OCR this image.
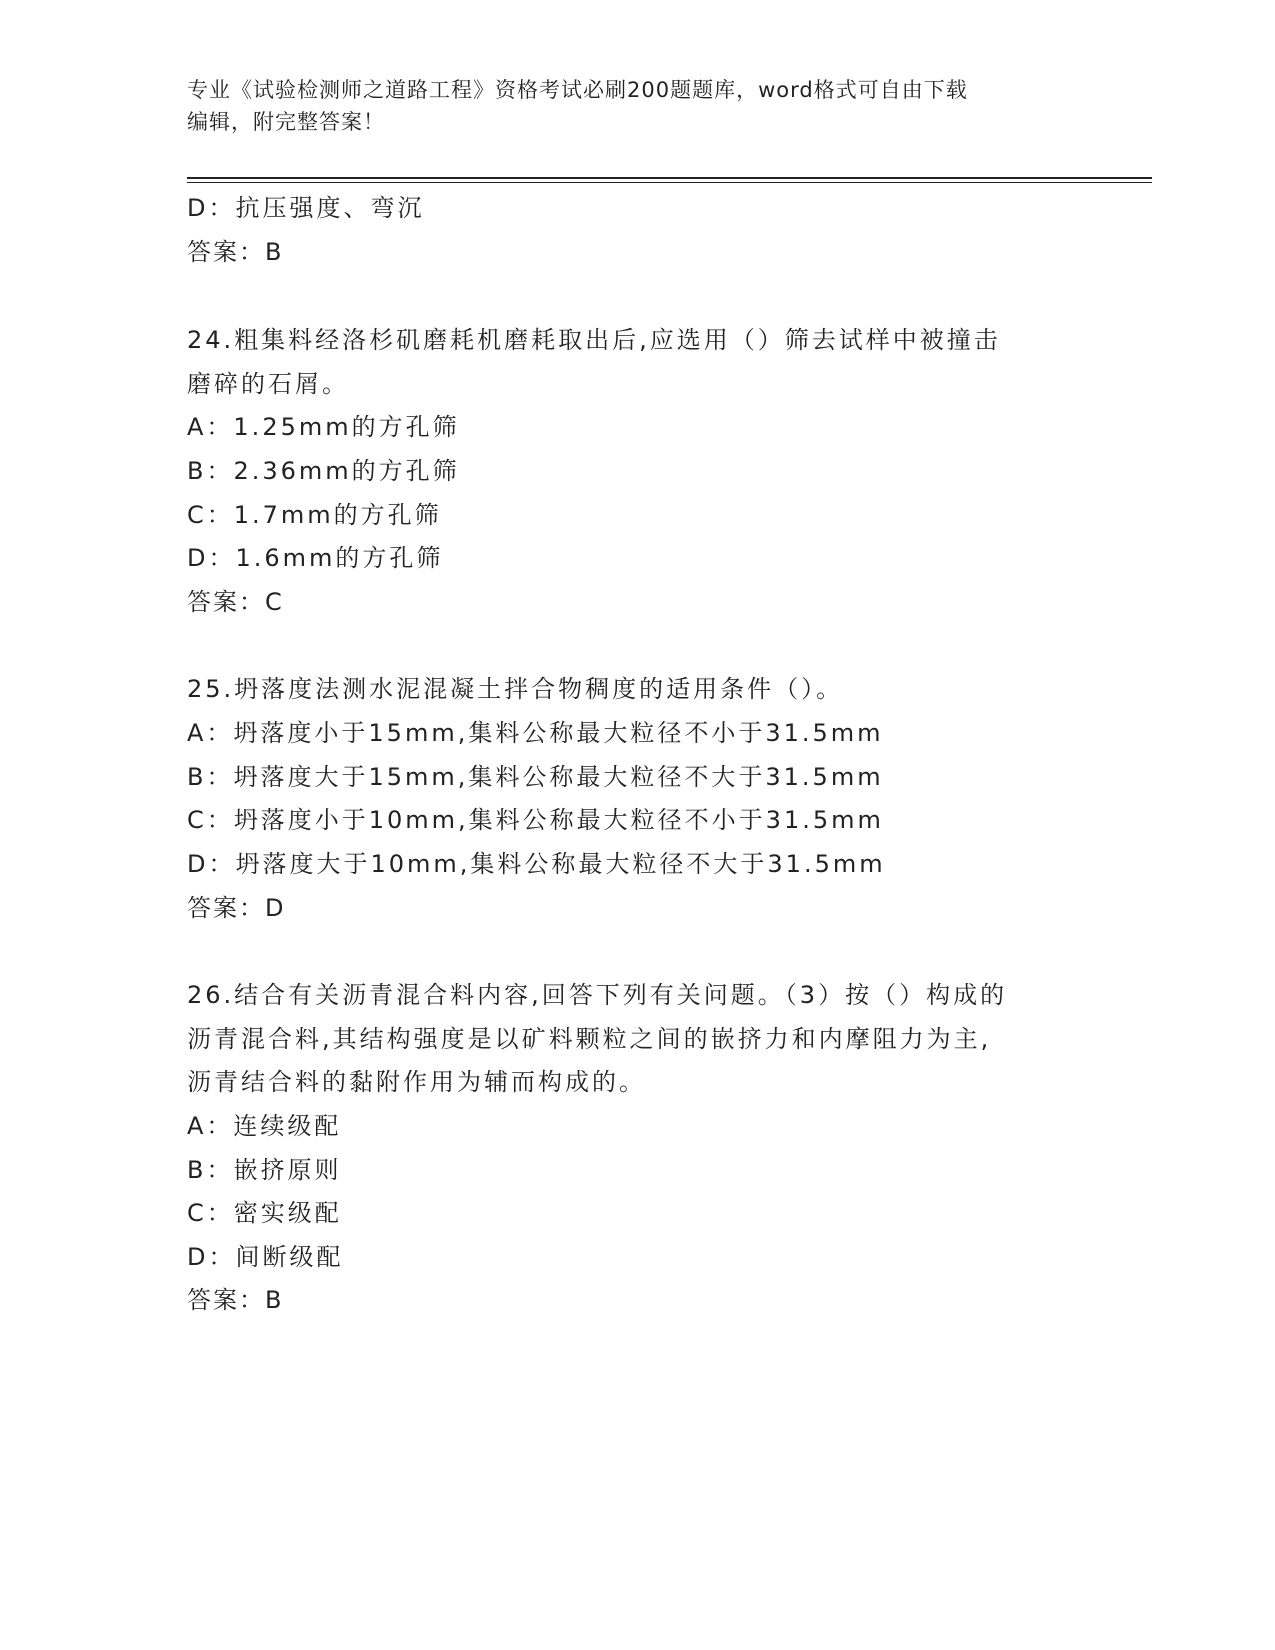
专业《试验检测师之道路工程》资格考试必刷200题题库，word格式可自由下载
编辑，附完整答案！
D：抗压强度、弯沉
答案：B
24.粗集料经洛杉矶磨耗机磨耗取出后,应选用（）筛去试样中被撞击
磨碎的石屑。
A：1.25mm的方孔筛
B：2.36mm的方孔筛
C：1.7mm的方孔筛
D：1.6mm的方孔筛
答案：C
25.坍落度法测水泥混凝土拌合物稠度的适用条件（）。
A：坍落度小于15mm,集料公称最大粒径不小于31.5mm
B：坍落度大于15mm,集料公称最大粒径不大于31.5mm
C：坍落度小于10mm,集料公称最大粒径不小于31.5mm
D：坍落度大于10mm,集料公称最大粒径不大于31.5mm
答案：D
26.结合有关沥青混合料内容,回答下列有关问题。（3）按（）构成的
沥青混合料,其结构强度是以矿料颗粒之间的嵌挤力和内摩阻力为主,
沥青结合料的黏附作用为辅而构成的。
A：连续级配
B：嵌挤原则
C：密实级配
D：间断级配
答案：B
